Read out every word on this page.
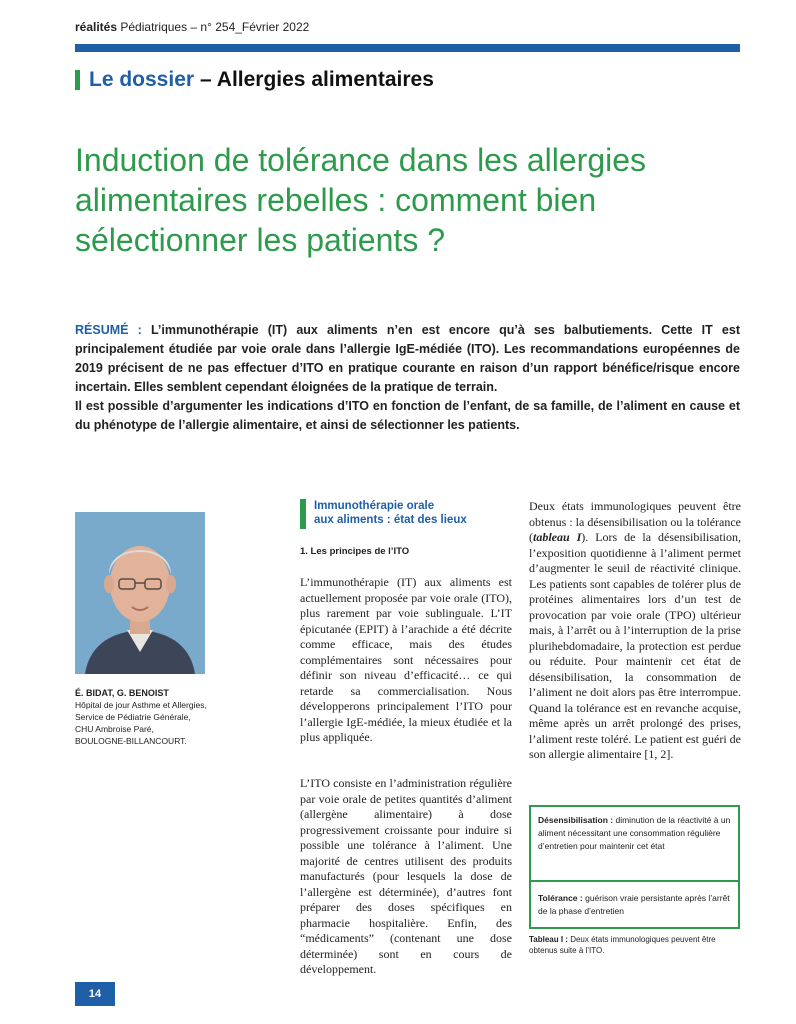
réalités Pédiatriques – n° 254_Février 2022
Le dossier – Allergies alimentaires
Induction de tolérance dans les allergies
alimentaires rebelles : comment bien
sélectionner les patients ?

RÉSUMÉ : L’immunothérapie (IT) aux aliments n’en est encore qu’à ses balbutiements. Cette IT est principalement étudiée par voie orale dans l’allergie IgE-médiée (ITO). Les recommandations européennes de 2019 précisent de ne pas effectuer d’ITO en pratique courante en raison d’un rapport bénéfice/risque encore incertain. Elles semblent cependant éloignées de la pratique de terrain.

Il est possible d’argumenter les indications d’ITO en fonction de l’enfant, de sa famille, de l’aliment en cause et du phénotype de l’allergie alimentaire, et ainsi de sélectionner les patients.

É. BIDAT, G. BENOIST
Hôpital de jour Asthme et Allergies,
Service de Pédiatrie Générale,
CHU Ambroise Paré,
BOULOGNE-BILLANCOURT.
Immunothérapie orale
aux aliments : état des lieux
1. Les principes de l’ITO

L’immunothérapie (IT) aux aliments est actuellement proposée par voie orale (ITO), plus rarement par voie sublinguale. L’IT épicutanée (EPIT) à l’arachide a été décrite comme efficace, mais des études complémentaires sont nécessaires pour définir son niveau d’efficacité… ce qui retarde sa commercialisation. Nous développerons principalement l’ITO pour l’allergie IgE-médiée, la mieux étudiée et la plus appliquée.

L’ITO consiste en l’administration régulière par voie orale de petites quantités d’aliment (allergène alimentaire) à dose progressivement croissante pour induire si possible une tolérance à l’aliment. Une majorité de centres utilisent des produits manufacturés (pour lesquels la dose de l’allergène est déterminée), d’autres font préparer des doses spécifiques en pharmacie hospitalière. Enfin, des “médicaments” (contenant une dose déterminée) sont en cours de développement.

Deux états immunologiques peuvent être obtenus : la désensibilisation ou la tolérance (tableau I). Lors de la désensibilisation, l’exposition quotidienne à l’aliment permet d’augmenter le seuil de réactivité clinique. Les patients sont capables de tolérer plus de protéines alimentaires lors d’un test de provocation par voie orale (TPO) ultérieur mais, à l’arrêt ou à l’interruption de la prise plurihebdomadaire, la protection est perdue ou réduite. Pour maintenir cet état de désensibilisation, la consommation de l’aliment ne doit alors pas être interrompue. Quand la tolérance est en revanche acquise, même après un arrêt prolongé des prises, l’aliment reste toléré. Le patient est guéri de son allergie alimentaire [1, 2].

Désensibilisation : diminution de la réactivité à un aliment nécessitant une consommation régulière d’entretien pour maintenir cet état
Tolérance : guérison vraie persistante après l’arrêt de la phase d’entretien
Tableau I : Deux états immunologiques peuvent être obtenus suite à l’ITO.
14
